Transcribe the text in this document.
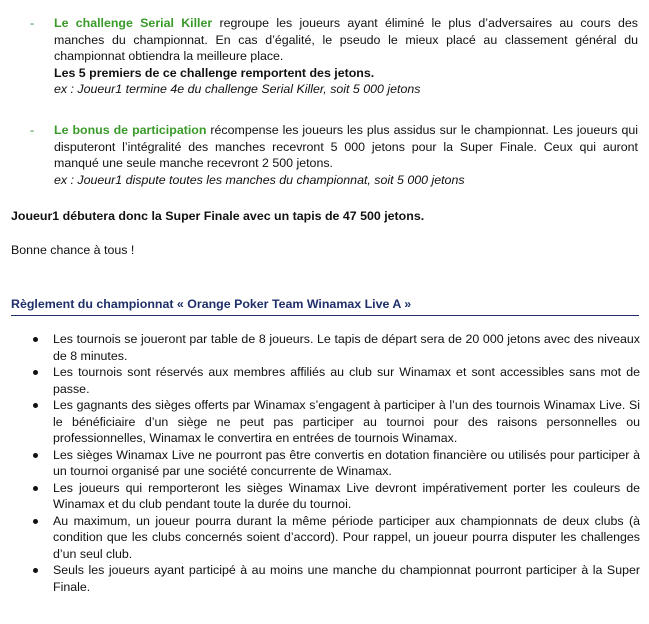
-	Le challenge Serial Killer regroupe les joueurs ayant éliminé le plus d’adversaires au cours des manches du championnat. En cas d’égalité, le pseudo le mieux placé au classement général du championnat obtiendra la meilleure place.
Les 5 premiers de ce challenge remportent des jetons.
ex : Joueur1 termine 4e du challenge Serial Killer, soit 5 000 jetons
-	Le bonus de participation récompense les joueurs les plus assidus sur le championnat. Les joueurs qui disputeront l’intégralité des manches recevront 5 000 jetons pour la Super Finale. Ceux qui auront manqué une seule manche recevront 2 500 jetons.
ex : Joueur1 dispute toutes les manches du championnat, soit 5 000 jetons
Joueur1 débutera donc la Super Finale avec un tapis de 47 500 jetons.
Bonne chance à tous !
Règlement du championnat « Orange Poker Team Winamax Live A »
Les tournois se joueront par table de 8 joueurs. Le tapis de départ sera de 20 000 jetons avec des niveaux de 8 minutes.
Les tournois sont réservés aux membres affiliés au club sur Winamax et sont accessibles sans mot de passe.
Les gagnants des sièges offerts par Winamax s’engagent à participer à l’un des tournois Winamax Live. Si le bénéficiaire d’un siège ne peut pas participer au tournoi pour des raisons personnelles ou professionnelles, Winamax le convertira en entrées de tournois Winamax.
Les sièges Winamax Live ne pourront pas être convertis en dotation financière ou utilisés pour participer à un tournoi organisé par une société concurrente de Winamax.
Les joueurs qui remporteront les sièges Winamax Live devront impérativement porter les couleurs de Winamax et du club pendant toute la durée du tournoi.
Au maximum, un joueur pourra durant la même période participer aux championnats de deux clubs (à condition que les clubs concernés soient d’accord). Pour rappel, un joueur pourra disputer les challenges d’un seul club.
Seuls les joueurs ayant participé à au moins une manche du championnat pourront participer à la Super Finale.
